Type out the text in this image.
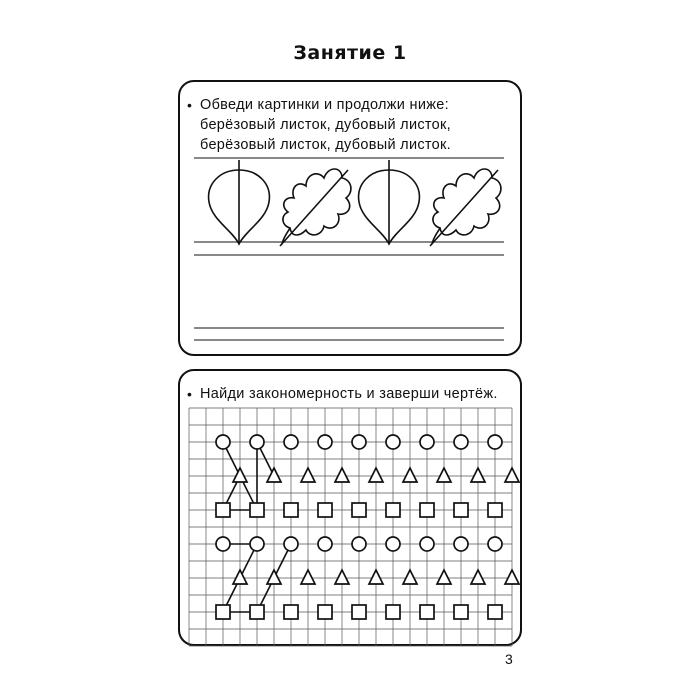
Занятие 1
• Обведи картинки и продолжи ниже:
берёзовый листок, дубовый листок,
берёзовый листок, дубовый листок.
• Найди закономерность и заверши чертёж.
3
